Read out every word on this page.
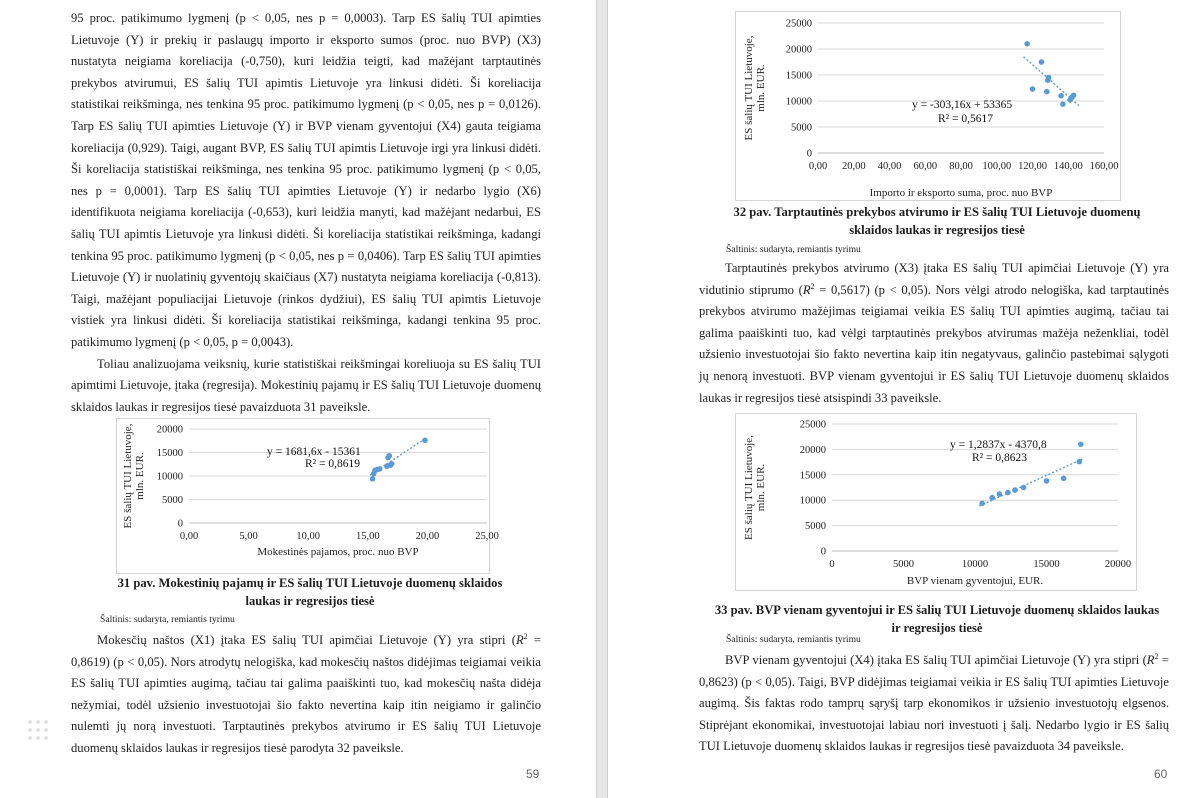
95 proc. patikimumo lygmenį (p < 0,05, nes p = 0,0003). Tarp ES šalių TUI apimties Lietuvoje (Y) ir prekių ir paslaugų importo ir eksporto sumos (proc. nuo BVP) (X3) nustatyta neigiama koreliacija (-0,750), kuri leidžia teigti, kad mažėjant tarptautinės prekybos atvirumui, ES šalių TUI apimtis Lietuvoje yra linkusi didėti. Ši koreliacija statistikai reikšminga, nes tenkina 95 proc. patikimumo lygmenį (p < 0,05, nes p = 0,0126). Tarp ES šalių TUI apimties Lietuvoje (Y) ir BVP vienam gyventojui (X4) gauta teigiama koreliacija (0,929). Taigi, augant BVP, ES šalių TUI apimtis Lietuvoje irgi yra linkusi didėti. Ši koreliacija statistiškai reikšminga, nes tenkina 95 proc. patikimumo lygmenį (p < 0,05, nes p = 0,0001). Tarp ES šalių TUI apimties Lietuvoje (Y) ir nedarbo lygio (X6) identifikuota neigiama koreliacija (-0,653), kuri leidžia manyti, kad mažėjant nedarbui, ES šalių TUI apimtis Lietuvoje yra linkusi didėti. Ši koreliacija statistikai reikšminga, kadangi tenkina 95 proc. patikimumo lygmenį (p < 0,05, nes p = 0,0406). Tarp ES šalių TUI apimties Lietuvoje (Y) ir nuolatinių gyventojų skaičiaus (X7) nustatyta neigiama koreliacija (-0,813). Taigi, mažėjant populiacijai Lietuvoje (rinkos dydžiui), ES šalių TUI apimtis Lietuvoje vistiek yra linkusi didėti. Ši koreliacija statistikai reikšminga, kadangi tenkina 95 proc. patikimumo lygmenį (p < 0,05, p = 0,0043).

Toliau analizuojama veiksnių, kurie statistiškai reikšmingai koreliuoja su ES šalių TUI apimtimi Lietuvoje, įtaka (regresija). Mokestinių pajamų ir ES šalių TUI Lietuvoje duomenų sklaidos laukas ir regresijos tiesė pavaizduota 31 paveiksle.

0
5000
10000
15000
20000
0,00	5,00	10,00	15,00	20,00	25,00
y = 1681,6x - 15361
R² = 0,8619
Mokestinės pajamos, proc. nuo BVP
ES šalių TUI Lietuvoje,mln. EUR.
31 pav. Mokestinių pajamų ir ES šalių TUI Lietuvoje duomenų sklaidos laukas ir regresijos tiesė
Šaltinis: sudaryta, remiantis tyrimu

Mokesčių naštos (X1) įtaka ES šalių TUI apimčiai Lietuvoje (Y) yra stipri $(R^2 = 0,8619) (p < 0,05)$. Nors atrodytų nelogiška, kad mokesčių naštos didėjimas teigiamai veikia ES šalių TUI apimties augimą, tačiau tai galima paaiškinti tuo, kad mokesčių našta didėja nežymiai, todėl užsienio investuotojai šio fakto nevertina kaip itin neigiamo ir galinčio nulemti jų norą investuoti. Tarptautinės prekybos atvirumo ir ES šalių TUI Lietuvoje duomenų sklaidos laukas ir regresijos tiesė parodyta 32 paveiksle.

59
0
5000
10000
15000
20000
25000
0,00 20,00 40,00 60,00 80,00 100,00 120,00 140,00 160,00
y = -303,16x + 53365
R² = 0,5617
Importo ir eksporto suma, proc. nuo BVP
ES šalių TUI Lietuvoje,mln. EUR.
32 pav. Tarptautinės prekybos atvirumo ir ES šalių TUI Lietuvoje duomenų sklaidos laukas ir regresijos tiesė
Šaltinis: sudaryta, remiantis tyrimu

Tarptautinės prekybos atvirumo (X3) įtaka ES šalių TUI apimčiai Lietuvoje (Y) yra vidutinio stiprumo $(R^2 = 0,5617) (p < 0,05)$. Nors vėlgi atrodo nelogiška, kad tarptautinės prekybos atvirumo mažėjimas teigiamai veikia ES šalių TUI apimties augimą, tačiau tai galima paaiškinti tuo, kad vėlgi tarptautinės prekybos atvirumas mažėja neženkliai, todėl užsienio investuotojai šio fakto nevertina kaip itin negatyvaus, galinčio pastebimai sąlygoti jų nenorą investuoti. BVP vienam gyventojui ir ES šalių TUI Lietuvoje duomenų sklaidos laukas ir regresijos tiesė atsispindi 33 paveiksle.

0
5000
10000
15000
20000
25000
0	5000	10000	15000	20000
y = 1,2837x - 4370,8
R² = 0,8623
BVP vienam gyventojui, EUR.
ES šalių TUI Lietuvoje,mln. EUR.
33 pav. BVP vienam gyventojui ir ES šalių TUI Lietuvoje duomenų sklaidos laukas ir regresijos tiesė
Šaltinis: sudaryta, remiantis tyrimu

BVP vienam gyventojui (X4) įtaka ES šalių TUI apimčiai Lietuvoje (Y) yra stipri $(R^2 = 0,8623) (p < 0,05)$. Taigi, BVP didėjimas teigiamai veikia ir ES šalių TUI apimties Lietuvoje augimą. Šis faktas rodo tamprų sąryšį tarp ekonomikos ir užsienio investuotojų elgsenos. Stiprėjant ekonomikai, investuotojai labiau nori investuoti į šalį. Nedarbo lygio ir ES šalių TUI Lietuvoje duomenų sklaidos laukas ir regresijos tiesė pavaizduota 34 paveiksle.

60
